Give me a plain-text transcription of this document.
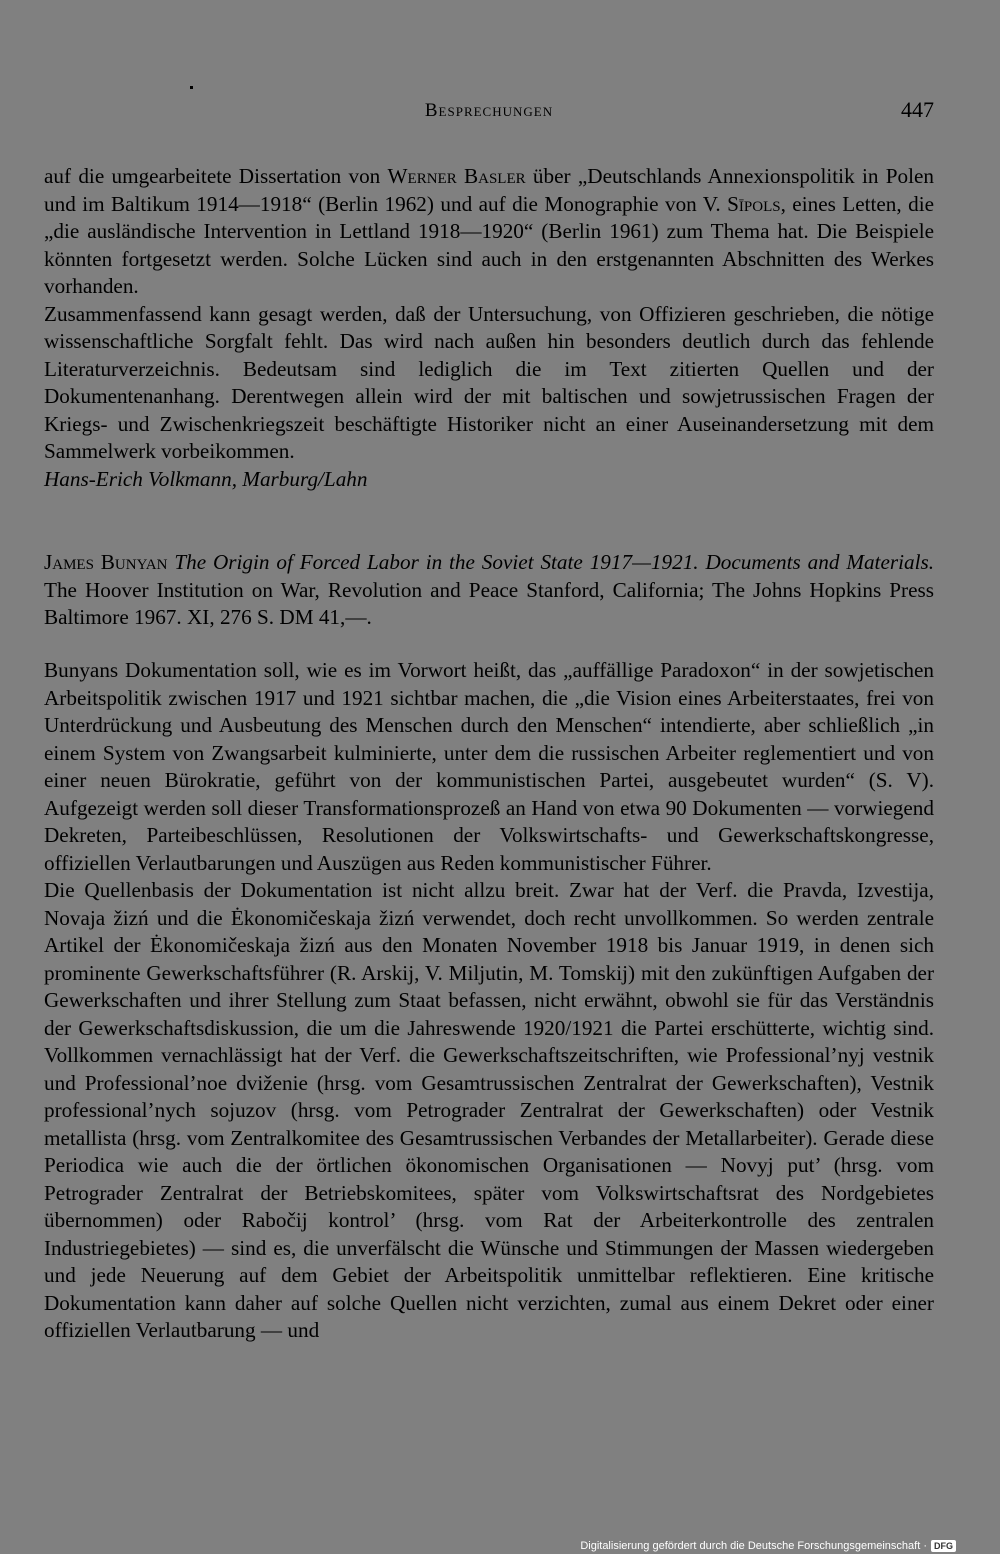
Besprechungen	447

auf die umgearbeitete Dissertation von Werner Basler über „Deutschlands Annexionspolitik in Polen und im Baltikum 1914—1918“ (Berlin 1962) und auf die Monographie von V. Sīpols, eines Letten, die „die ausländische Intervention in Lettland 1918—1920“ (Berlin 1961) zum Thema hat. Die Beispiele könnten fortgesetzt werden. Solche Lücken sind auch in den erstgenannten Abschnitten des Werkes vorhanden.

Zusammenfassend kann gesagt werden, daß der Untersuchung, von Offizieren geschrieben, die nötige wissenschaftliche Sorgfalt fehlt. Das wird nach außen hin besonders deutlich durch das fehlende Literaturverzeichnis. Bedeutsam sind lediglich die im Text zitierten Quellen und der Dokumentenanhang. Derentwegen allein wird der mit baltischen und sowjetrussischen Fragen der Kriegs- und Zwischenkriegszeit beschäftigte Historiker nicht an einer Auseinandersetzung mit dem Sammelwerk vorbeikommen.

Hans-Erich Volkmann, Marburg/Lahn

James Bunyan The Origin of Forced Labor in the Soviet State 1917—1921. Documents and Materials. The Hoover Institution on War, Revolution and Peace Stanford, California; The Johns Hopkins Press Baltimore 1967. XI, 276 S. DM 41,—.

Bunyans Dokumentation soll, wie es im Vorwort heißt, das „auffällige Paradoxon“ in der sowjetischen Arbeitspolitik zwischen 1917 und 1921 sichtbar machen, die „die Vision eines Arbeiterstaates, frei von Unterdrückung und Ausbeutung des Menschen durch den Menschen“ intendierte, aber schließlich „in einem System von Zwangsarbeit kulminierte, unter dem die russischen Arbeiter reglementiert und von einer neuen Bürokratie, geführt von der kommunistischen Partei, ausgebeutet wurden“ (S. V). Aufgezeigt werden soll dieser Transformationsprozeß an Hand von etwa 90 Dokumenten — vorwiegend Dekreten, Parteibeschlüssen, Resolutionen der Volkswirtschafts- und Gewerkschaftskongresse, offiziellen Verlautbarungen und Auszügen aus Reden kommunistischer Führer.

Die Quellenbasis der Dokumentation ist nicht allzu breit. Zwar hat der Verf. die Pravda, Izvestija, Novaja žizń und die Ėkonomičeskaja žizń verwendet, doch recht unvollkommen. So werden zentrale Artikel der Ėkonomičeskaja žizń aus den Monaten November 1918 bis Januar 1919, in denen sich prominente Gewerkschaftsführer (R. Arskij, V. Miljutin, M. Tomskij) mit den zukünftigen Aufgaben der Gewerkschaften und ihrer Stellung zum Staat befassen, nicht erwähnt, obwohl sie für das Verständnis der Gewerkschaftsdiskussion, die um die Jahreswende 1920/1921 die Partei erschütterte, wichtig sind. Vollkommen vernachlässigt hat der Verf. die Gewerkschaftszeitschriften, wie Professional’nyj vestnik und Professional’noe dviženie (hrsg. vom Gesamtrussischen Zentralrat der Gewerkschaften), Vestnik professional’nych sojuzov (hrsg. vom Petrograder Zentralrat der Gewerkschaften) oder Vestnik metallista (hrsg. vom Zentralkomitee des Gesamtrussischen Verbandes der Metallarbeiter). Gerade diese Periodica wie auch die der örtlichen ökonomischen Organisationen — Novyj put’ (hrsg. vom Petrograder Zentralrat der Betriebskomitees, später vom Volkswirtschaftsrat des Nordgebietes übernommen) oder Rabočij kontrol’ (hrsg. vom Rat der Arbeiterkontrolle des zentralen Industriegebietes) — sind es, die unverfälscht die Wünsche und Stimmungen der Massen wiedergeben und jede Neuerung auf dem Gebiet der Arbeitspolitik unmittelbar reflektieren. Eine kritische Dokumentation kann daher auf solche Quellen nicht verzichten, zumal aus einem Dekret oder einer offiziellen Verlautbarung — und

Digitalisierung gefördert durch die Deutsche Forschungsgemeinschaft · DFG
